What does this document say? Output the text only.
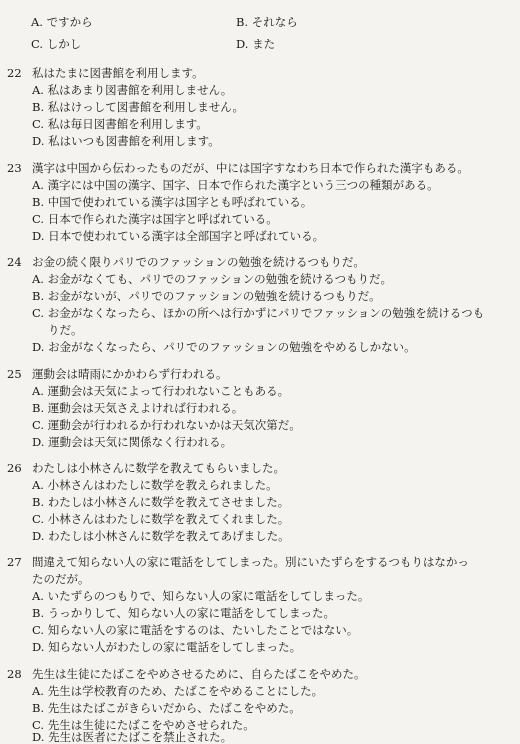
A. ですから	B. それなら
C. しかし	D. また
22 私はたまに図書館を利用します。
A. 私はあまり図書館を利用しません。
B. 私はけっして図書館を利用しません。
C. 私は毎日図書館を利用します。
D. 私はいつも図書館を利用します。
23 漢字は中国から伝わったものだが、中には国字すなわち日本で作られた漢字もある。
A. 漢字には中国の漢字、国字、日本で作られた漢字という三つの種類がある。
B. 中国で使われている漢字は国字とも呼ばれている。
C. 日本で作られた漢字は国字と呼ばれている。
D. 日本で使われている漢字は全部国字と呼ばれている。
24 お金の続く限りパリでのファッションの勉強を続けるつもりだ。
A. お金がなくても、パリでのファッションの勉強を続けるつもりだ。
B. お金がないが、パリでのファッションの勉強を続けるつもりだ。
C. お金がなくなったら、ほかの所へは行かずにパリでファッションの勉強を続けるつも
りだ。
D. お金がなくなったら、パリでのファッションの勉強をやめるしかない。
25 運動会は晴雨にかかわらず行われる。
A. 運動会は天気によって行われないこともある。
B. 運動会は天気さえよければ行われる。
C. 運動会が行われるか行われないかは天気次第だ。
D. 運動会は天気に関係なく行われる。
26 わたしは小林さんに数学を教えてもらいました。
A. 小林さんはわたしに数学を教えられました。
B. わたしは小林さんに数学を教えてさせました。
C. 小林さんはわたしに数学を教えてくれました。
D. わたしは小林さんに数学を教えてあげました。
27 間違えて知らない人の家に電話をしてしまった。別にいたずらをするつもりはなかっ
たのだが。
A. いたずらのつもりで、知らない人の家に電話をしてしまった。
B. うっかりして、知らない人の家に電話をしてしまった。
C. 知らない人の家に電話をするのは、たいしたことではない。
D. 知らない人がわたしの家に電話をしてしまった。
28 先生は生徒にたばこをやめさせるために、自らたばこをやめた。
A. 先生は学校教育のため、たばこをやめることにした。
B. 先生はたばこがきらいだから、たばこをやめた。
C. 先生は生徒にたばこをやめさせられた。
D. 先生は医者にたばこを禁止された。
